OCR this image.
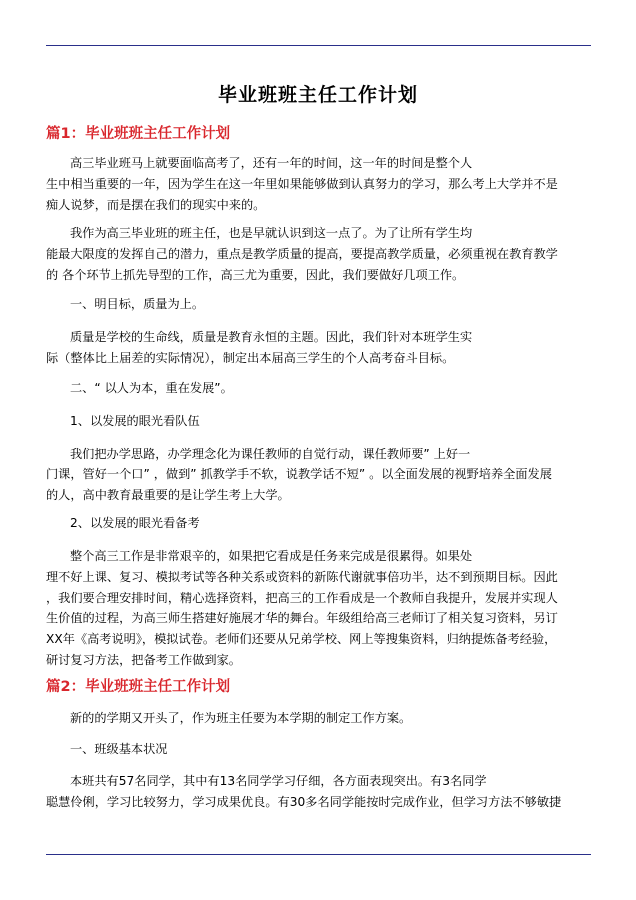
毕业班班主任工作计划
篇1：毕业班班主任工作计划
高三毕业班马上就要面临高考了，还有一年的时间，这一年的时间是整个人
生中相当重要的一年，因为学生在这一年里如果能够做到认真努力的学习，那么考上大学并不是
痴人说梦，而是摆在我们的现实中来的。
我作为高三毕业班的班主任，也是早就认识到这一点了。为了让所有学生均
能最大限度的发挥自己的潜力，重点是教学质量的提高，要提高教学质量，必须重视在教育教学
的 各个环节上抓先导型的工作，高三尤为重要，因此，我们要做好几项工作。
一、明目标，质量为上。
质量是学校的生命线，质量是教育永恒的主题。因此，我们针对本班学生实
际（整体比上届差的实际情况），制定出本届高三学生的个人高考奋斗目标。
二、“ 以人为本，重在发展”。
1、以发展的眼光看队伍
我们把办学思路，办学理念化为课任教师的自觉行动，课任教师要” 上好一
门课，管好一个口” ，做到” 抓教学手不软，说教学话不短” 。以全面发展的视野培养全面发展
的人，高中教育最重要的是让学生考上大学。
2、以发展的眼光看备考
整个高三工作是非常艰辛的，如果把它看成是任务来完成是很累得。如果处
理不好上课、复习、模拟考试等各种关系或资料的新陈代谢就事倍功半，达不到预期目标。因此
，我们要合理安排时间，精心选择资料，把高三的工作看成是一个教师自我提升，发展并实现人
生价值的过程，为高三师生搭建好施展才华的舞台。年级组给高三老师订了相关复习资料，另订
XX年《高考说明》，模拟试卷。老师们还要从兄弟学校、网上等搜集资料，归纳提炼备考经验，
研讨复习方法，把备考工作做到家。
篇2：毕业班班主任工作计划
新的的学期又开头了，作为班主任要为本学期的制定工作方案。
一、班级基本状况
本班共有57名同学，其中有13名同学学习仔细，各方面表现突出。有3名同学
聪慧伶俐，学习比较努力，学习成果优良。有30多名同学能按时完成作业，但学习方法不够敏捷
